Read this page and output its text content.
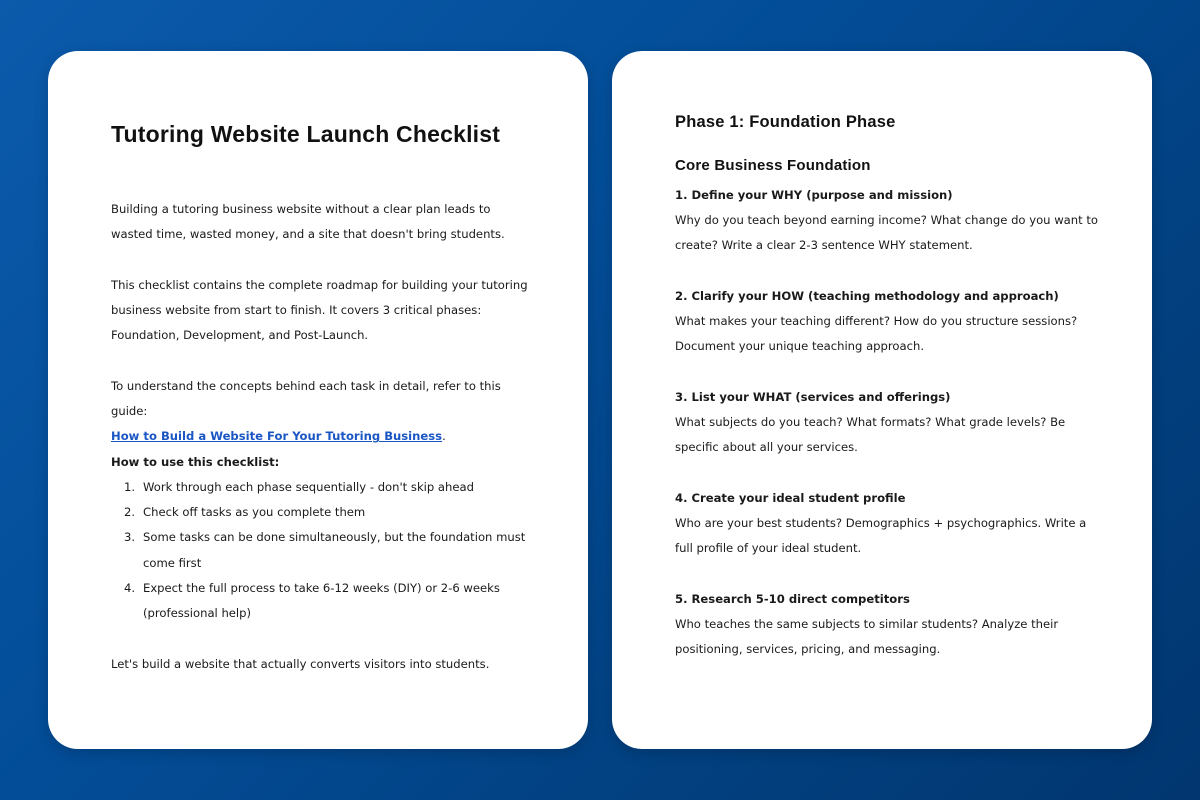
Tutoring Website Launch Checklist

Building a tutoring business website without a clear plan leads to wasted time, wasted money, and a site that doesn't bring students.

This checklist contains the complete roadmap for building your tutoring business website from start to finish. It covers 3 critical phases: Foundation, Development, and Post-Launch.

To understand the concepts behind each task in detail, refer to this guide:
How to Build a Website For Your Tutoring Business.

How to use this checklist:
1. Work through each phase sequentially - don't skip ahead
2. Check off tasks as you complete them
3. Some tasks can be done simultaneously, but the foundation must come first
4. Expect the full process to take 6-12 weeks (DIY) or 2-6 weeks (professional help)

Let's build a website that actually converts visitors into students.

Phase 1: Foundation Phase
Core Business Foundation
1. Define your WHY (purpose and mission)
Why do you teach beyond earning income? What change do you want to create? Write a clear 2-3 sentence WHY statement.
2. Clarify your HOW (teaching methodology and approach)
What makes your teaching different? How do you structure sessions? Document your unique teaching approach.
3. List your WHAT (services and offerings)
What subjects do you teach? What formats? What grade levels? Be specific about all your services.
4. Create your ideal student profile
Who are your best students? Demographics + psychographics. Write a full profile of your ideal student.
5. Research 5-10 direct competitors
Who teaches the same subjects to similar students? Analyze their positioning, services, pricing, and messaging.
